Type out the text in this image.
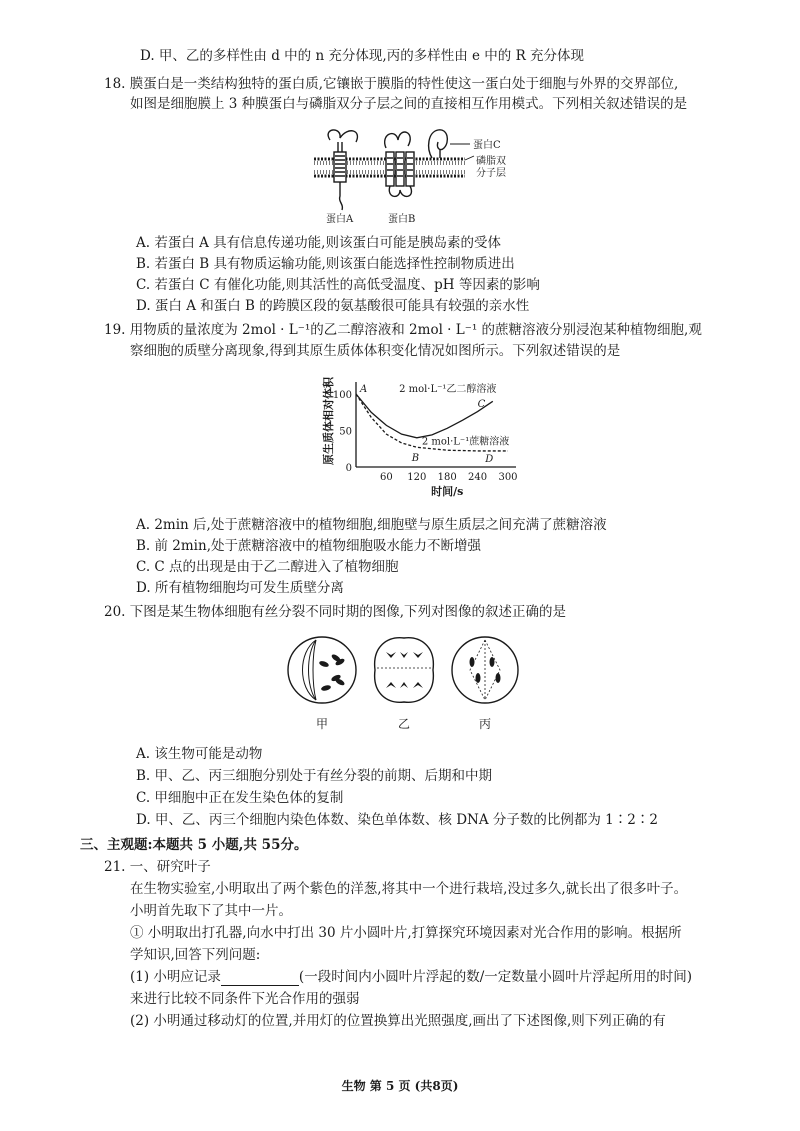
D. 甲、乙的多样性由 d 中的 n 充分体现,丙的多样性由 e 中的 R 充分体现
18. 膜蛋白是一类结构独特的蛋白质,它镶嵌于膜脂的特性使这一蛋白处于细胞与外界的交界部位,
如图是细胞膜上 3 种膜蛋白与磷脂双分子层之间的直接相互作用模式。下列相关叙述错误的是
蛋白C
磷脂双
分子层
蛋白A	蛋白B
A. 若蛋白 A 具有信息传递功能,则该蛋白可能是胰岛素的受体
B. 若蛋白 B 具有物质运输功能,则该蛋白能选择性控制物质进出
C. 若蛋白 C 有催化功能,则其活性的高低受温度、pH 等因素的影响
D. 蛋白 A 和蛋白 B 的跨膜区段的氨基酸很可能具有较强的亲水性
19. 用物质的量浓度为 2mol · L⁻¹的乙二醇溶液和 2mol · L⁻¹ 的蔗糖溶液分别浸泡某种植物细胞,观
察细胞的质壁分离现象,得到其原生质体体积变化情况如图所示。下列叙述错误的是
60 120 180 240 300
0
50
100
时间/s
原生质体相对体积	2 mol·L⁻¹乙二醇溶液
2 mol·L⁻¹蔗糖溶液
A
B
C
D
A. 2min 后,处于蔗糖溶液中的植物细胞,细胞壁与原生质层之间充满了蔗糖溶液
B. 前 2min,处于蔗糖溶液中的植物细胞吸水能力不断增强
C. C 点的出现是由于乙二醇进入了植物细胞
D. 所有植物细胞均可发生质壁分离
20. 下图是某生物体细胞有丝分裂不同时期的图像,下列对图像的叙述正确的是
甲	乙	丙
A. 该生物可能是动物
B. 甲、乙、丙三细胞分别处于有丝分裂的前期、后期和中期
C. 甲细胞中正在发生染色体的复制
D. 甲、乙、丙三个细胞内染色体数、染色单体数、核 DNA 分子数的比例都为 1∶2∶2
三、主观题:本题共 5 小题,共 55分。
21. 一、研究叶子
在生物实验室,小明取出了两个紫色的洋葱,将其中一个进行栽培,没过多久,就长出了很多叶子。
小明首先取下了其中一片。
① 小明取出打孔器,向水中打出 30 片小圆叶片,打算探究环境因素对光合作用的影响。根据所
学知识,回答下列问题:
(1) 小明应记录	(一段时间内小圆叶片浮起的数/一定数量小圆叶片浮起所用的时间)
来进行比较不同条件下光合作用的强弱
(2) 小明通过移动灯的位置,并用灯的位置换算出光照强度,画出了下述图像,则下列正确的有
生物 第 5 页 (共8页)
